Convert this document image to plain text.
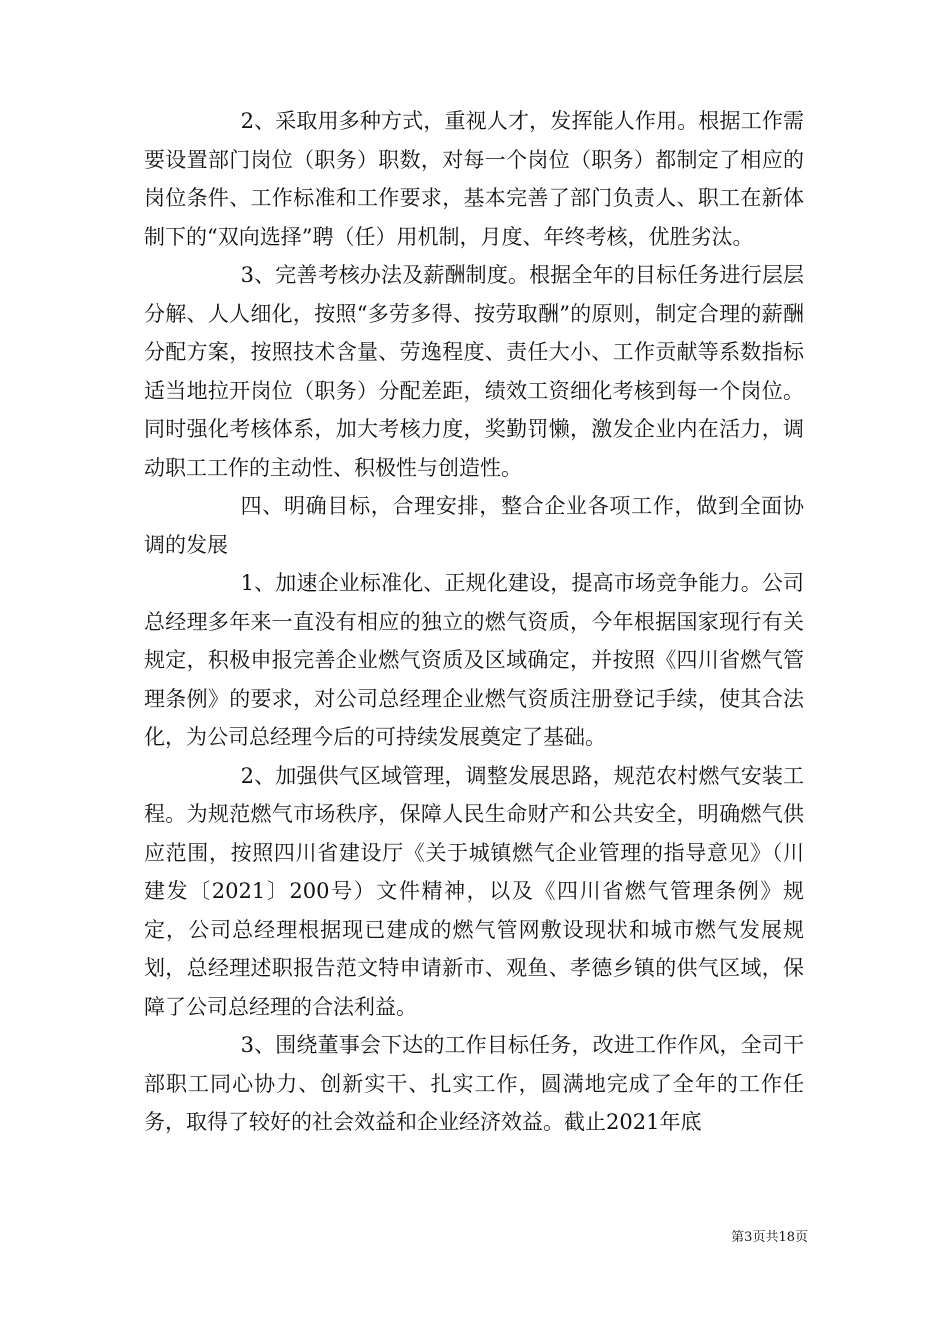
2、采取用多种方式，重视人才，发挥能人作用。根据工作需要设置部门岗位（职务）职数，对每一个岗位（职务）都制定了相应的岗位条件、工作标准和工作要求，基本完善了部门负责人、职工在新体制下的“双向选择”聘（任）用机制，月度、年终考核，优胜劣汰。

3、完善考核办法及薪酬制度。根据全年的目标任务进行层层分解、人人细化，按照“多劳多得、按劳取酬”的原则，制定合理的薪酬分配方案，按照技术含量、劳逸程度、责任大小、工作贡献等系数指标适当地拉开岗位（职务）分配差距，绩效工资细化考核到每一个岗位。同时强化考核体系，加大考核力度，奖勤罚懒，激发企业内在活力，调动职工工作的主动性、积极性与创造性。

四、明确目标，合理安排，整合企业各项工作，做到全面协调的发展

1、加速企业标准化、正规化建设，提高市场竞争能力。公司总经理多年来一直没有相应的独立的燃气资质，今年根据国家现行有关规定，积极申报完善企业燃气资质及区域确定，并按照《四川省燃气管理条例》的要求，对公司总经理企业燃气资质注册登记手续，使其合法化，为公司总经理今后的可持续发展奠定了基础。

2、加强供气区域管理，调整发展思路，规范农村燃气安装工程。为规范燃气市场秩序，保障人民生命财产和公共安全，明确燃气供应范围，按照四川省建设厅《关于城镇燃气企业管理的指导意见》（川建发〔2021〕200号）文件精神，以及《四川省燃气管理条例》规定，公司总经理根据现已建成的燃气管网敷设现状和城市燃气发展规划，总经理述职报告范文特申请新市、观鱼、孝德乡镇的供气区域，保障了公司总经理的合法利益。

3、围绕董事会下达的工作目标任务，改进工作作风，全司干部职工同心协力、创新实干、扎实工作，圆满地完成了全年的工作任务，取得了较好的社会效益和企业经济效益。截止2021年底

第3页共18页
